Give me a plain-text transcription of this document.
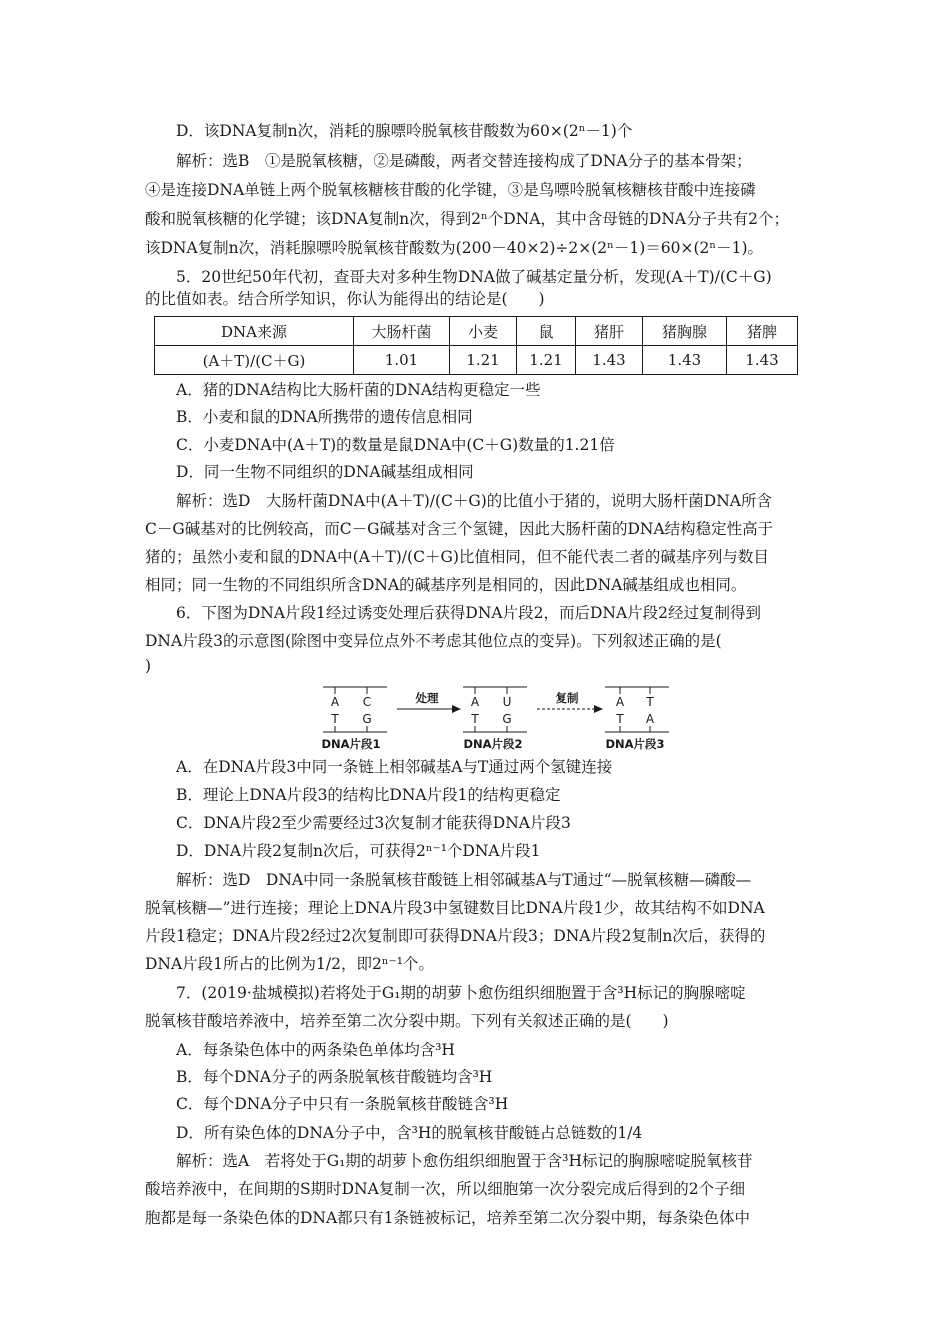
D．该DNA复制n次，消耗的腺嘌呤脱氧核苷酸数为60×(2ⁿ－1)个
解析：选B　①是脱氧核糖，②是磷酸，两者交替连接构成了DNA分子的基本骨架；
④是连接DNA单链上两个脱氧核糖核苷酸的化学键，③是鸟嘌呤脱氧核糖核苷酸中连接磷
酸和脱氧核糖的化学键；该DNA复制n次，得到2ⁿ个DNA，其中含母链的DNA分子共有2个；
该DNA复制n次，消耗腺嘌呤脱氧核苷酸数为(200－40×2)÷2×(2ⁿ－1)＝60×(2ⁿ－1)。
5．20世纪50年代初，查哥夫对多种生物DNA做了碱基定量分析，发现(A＋T)/(C＋G)
的比值如表。结合所学知识，你认为能得出的结论是(　　)
DNA来源	大肠杆菌	小麦	鼠	猪肝	猪胸腺	猪脾
(A＋T)/(C＋G)	1.01	1.21	1.21	1.43	1.43	1.43
A．猪的DNA结构比大肠杆菌的DNA结构更稳定一些
B．小麦和鼠的DNA所携带的遗传信息相同
C．小麦DNA中(A＋T)的数量是鼠DNA中(C＋G)数量的1.21倍
D．同一生物不同组织的DNA碱基组成相同
解析：选D　大肠杆菌DNA中(A＋T)/(C＋G)的比值小于猪的，说明大肠杆菌DNA所含
C－G碱基对的比例较高，而C－G碱基对含三个氢键，因此大肠杆菌的DNA结构稳定性高于
猪的；虽然小麦和鼠的DNA中(A＋T)/(C＋G)比值相同，但不能代表二者的碱基序列与数目
相同；同一生物的不同组织所含DNA的碱基序列是相同的，因此DNA碱基组成也相同。
6．下图为DNA片段1经过诱变处理后获得DNA片段2，而后DNA片段2经过复制得到
DNA片段3的示意图(除图中变异位点外不考虑其他位点的变异)。下列叙述正确的是(
)
A C
T G
DNA片段1
处理	A U
T G
DNA片段2
复制	A T
T A
DNA片段3
A．在DNA片段3中同一条链上相邻碱基A与T通过两个氢键连接
B．理论上DNA片段3的结构比DNA片段1的结构更稳定
C．DNA片段2至少需要经过3次复制才能获得DNA片段3
D．DNA片段2复制n次后，可获得2ⁿ⁻¹个DNA片段1
解析：选D　DNA中同一条脱氧核苷酸链上相邻碱基A与T通过“—脱氧核糖—磷酸—
脱氧核糖—”进行连接；理论上DNA片段3中氢键数目比DNA片段1少，故其结构不如DNA
片段1稳定；DNA片段2经过2次复制即可获得DNA片段3；DNA片段2复制n次后，获得的
DNA片段1所占的比例为1/2，即2ⁿ⁻¹个。
7．(2019·盐城模拟)若将处于G₁期的胡萝卜愈伤组织细胞置于含³H标记的胸腺嘧啶
脱氧核苷酸培养液中，培养至第二次分裂中期。下列有关叙述正确的是(　　)
A．每条染色体中的两条染色单体均含³H
B．每个DNA分子的两条脱氧核苷酸链均含³H
C．每个DNA分子中只有一条脱氧核苷酸链含³H
D．所有染色体的DNA分子中，含³H的脱氧核苷酸链占总链数的1/4
解析：选A　若将处于G₁期的胡萝卜愈伤组织细胞置于含³H标记的胸腺嘧啶脱氧核苷
酸培养液中，在间期的S期时DNA复制一次，所以细胞第一次分裂完成后得到的2个子细
胞都是每一条染色体的DNA都只有1条链被标记，培养至第二次分裂中期，每条染色体中
